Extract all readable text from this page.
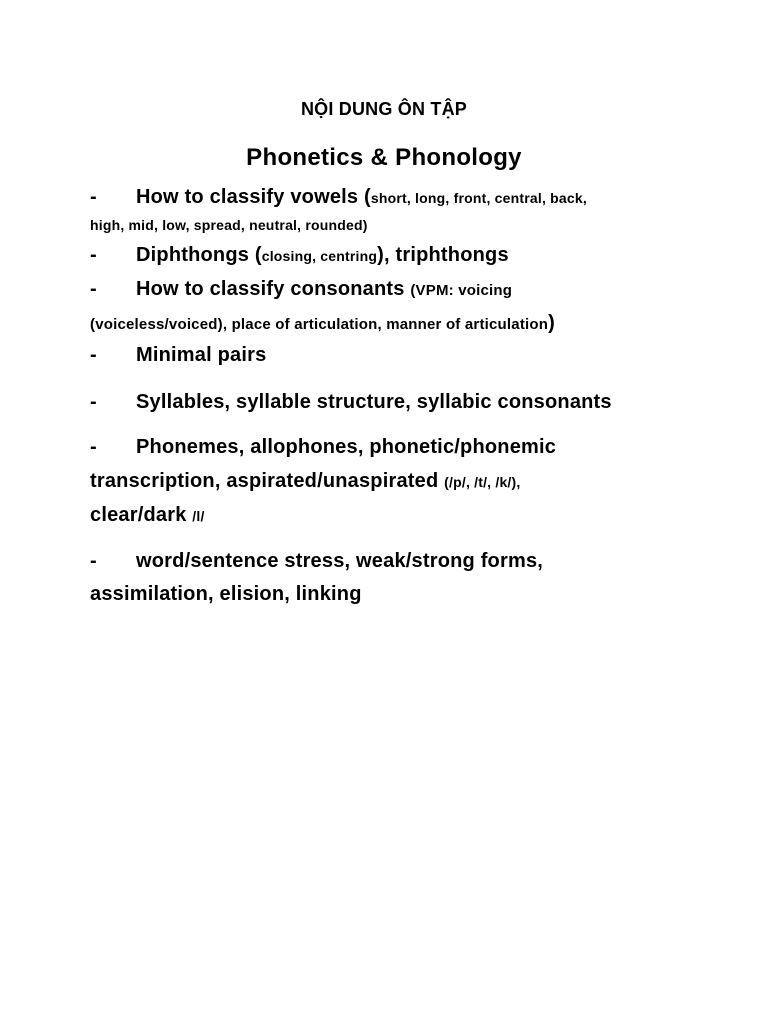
NỘI DUNG ÔN TẬP
Phonetics & Phonology
- How to classify vowels (short, long, front, central, back,
high, mid, low, spread, neutral, rounded)
- Diphthongs (closing, centring), triphthongs
- How to classify consonants (VPM: voicing
(voiceless/voiced), place of articulation, manner of articulation)
- Minimal pairs
- Syllables, syllable structure, syllabic consonants
- Phonemes, allophones, phonetic/phonemic
transcription, aspirated/unaspirated (/p/, /t/, /k/),
clear/dark /l/
- word/sentence stress, weak/strong forms,
assimilation, elision, linking
